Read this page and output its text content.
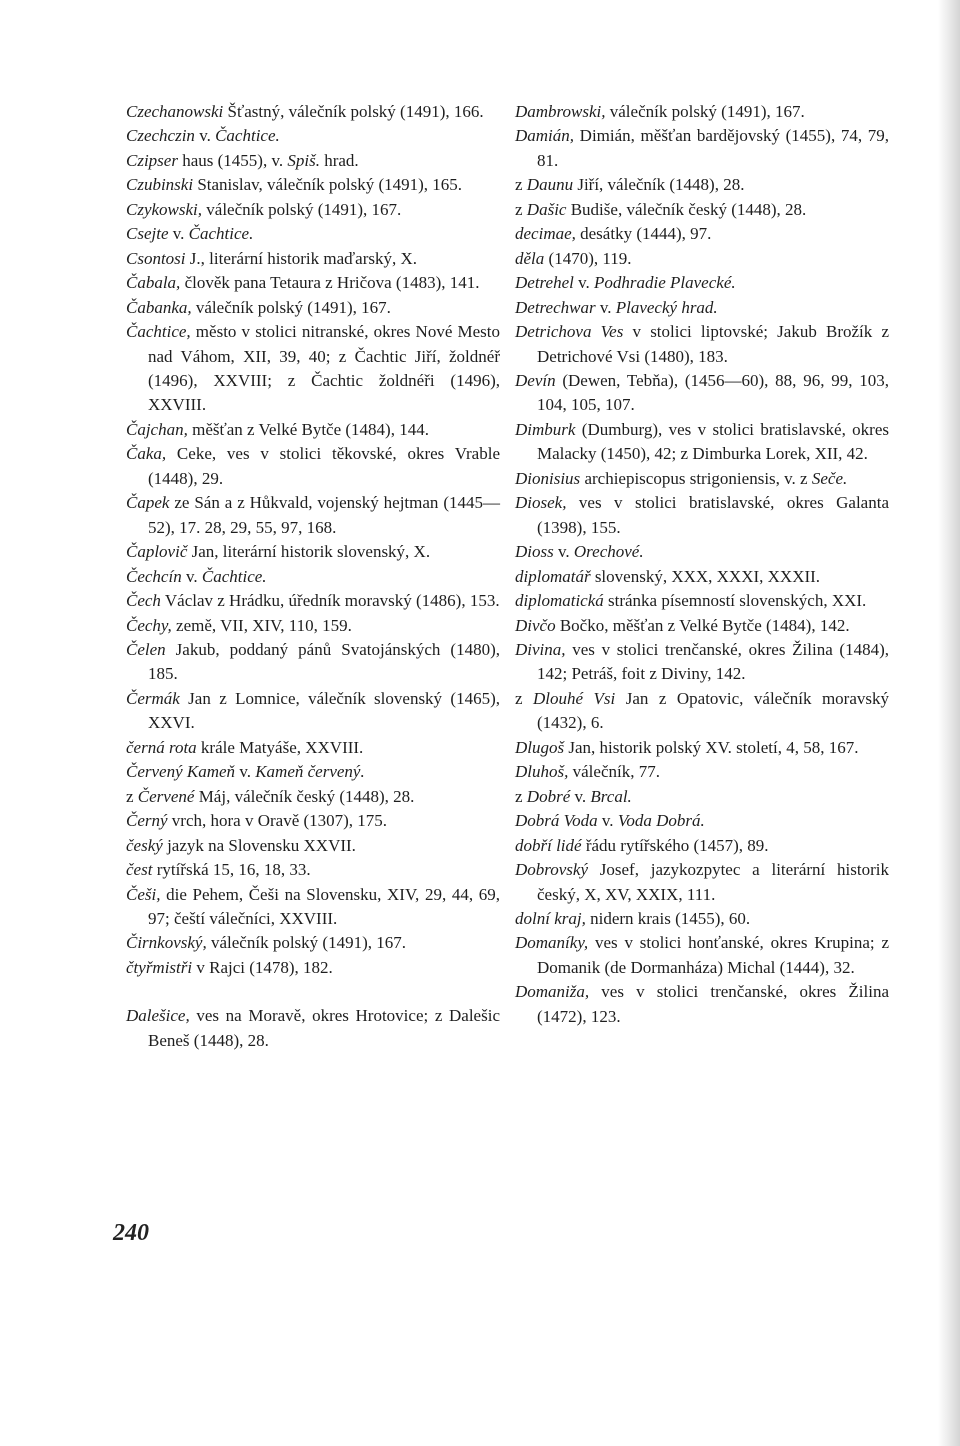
Czechanowski Šťastný, válečník polský (1491), 166.
Czechczin v. Čachtice.
Czipser haus (1455), v. Spiš. hrad.
Czubinski Stanislav, válečník polský (1491), 165.
Czykowski, válečník polský (1491), 167.
Csejte v. Čachtice.
Csontosi J., literární historik maďarský, X.
Čabala, člověk pana Tetaura z Hričova (1483), 141.
Čabanka, válečník polský (1491), 167.
Čachtice, město v stolici nitranské, okres Nové Mesto nad Váhom, XII, 39, 40; z Čachtic Jiří, žoldnéř (1496), XXVIII; z Čachtic žoldnéři (1496), XXVIII.
Čajchan, měšťan z Velké Bytče (1484), 144.
Čaka, Ceke, ves v stolici těkovské, okres Vrable (1448), 29.
Čapek ze Sán a z Hůkvald, vojenský hejtman (1445—52), 17. 28, 29, 55, 97, 168.
Čaplovič Jan, literární historik slovenský, X.
Čechcín v. Čachtice.
Čech Václav z Hrádku, úředník moravský (1486), 153.
Čechy, země, VII, XIV, 110, 159.
Čelen Jakub, poddaný pánů Svatojánských (1480), 185.
Čermák Jan z Lomnice, válečník slovenský (1465), XXVI.
černá rota krále Matyáše, XXVIII.
Červený Kameň v. Kameň červený.
z Červené Máj, válečník český (1448), 28.
Černý vrch, hora v Oravě (1307), 175.
český jazyk na Slovensku XXVII.
čest rytířská 15, 16, 18, 33.
Češi, die Pehem, Češi na Slovensku, XIV, 29, 44, 69, 97; čeští válečníci, XXVIII.
Čirnkovský, válečník polský (1491), 167.
čtyřmistři v Rajci (1478), 182.
Dalešice, ves na Moravě, okres Hrotovice; z Dalešic Beneš (1448), 28.
Dambrowski, válečník polský (1491), 167.
Damián, Dimián, měšťan bardějovský (1455), 74, 79, 81.
z Daunu Jiří, válečník (1448), 28.
z Dašic Budiše, válečník český (1448), 28.
decimae, desátky (1444), 97.
děla (1470), 119.
Detrehel v. Podhradie Plavecké.
Detrechwar v. Plavecký hrad.
Detrichova Ves v stolici liptovské; Jakub Brožík z Detrichové Vsi (1480), 183.
Devín (Dewen, Tebňa), (1456—60), 88, 96, 99, 103, 104, 105, 107.
Dimburk (Dumburg), ves v stolici bratislavské, okres Malacky (1450), 42; z Dimburka Lorek, XII, 42.
Dionisius archiepiscopus strigoniensis, v. z Seče.
Diosek, ves v stolici bratislavské, okres Galanta (1398), 155.
Dioss v. Orechové.
diplomatář slovenský, XXX, XXXI, XXXII.
diplomatická stránka písemností slovenských, XXI.
Divčo Bočko, měšťan z Velké Bytče (1484), 142.
Divina, ves v stolici trenčanské, okres Žilina (1484), 142; Petráš, foit z Diviny, 142.
z Dlouhé Vsi Jan z Opatovic, válečník moravský (1432), 6.
Dlugoš Jan, historik polský XV. století, 4, 58, 167.
Dluhoš, válečník, 77.
z Dobré v. Brcal.
Dobrá Voda v. Voda Dobrá.
dobří lidé řádu rytířského (1457), 89.
Dobrovský Josef, jazykozpytec a literární historik český, X, XV, XXIX, 111.
dolní kraj, nidern krais (1455), 60.
Domaníky, ves v stolici honťanské, okres Krupina; z Domanik (de Dormanháza) Michal (1444), 32.
Domaniža, ves v stolici trenčanské, okres Žilina (1472), 123.
240
